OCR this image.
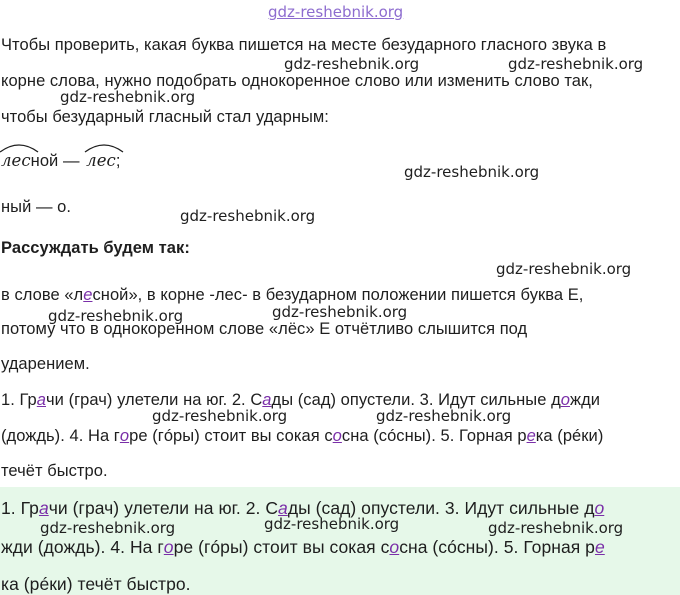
gdz-reshebnik.org
Чтобы проверить, какая буква пишется на месте безударного гласного звука в
корне слова, нужно подобрать однокоренное слово или изменить слово так,
чтобы безударный гласный стал ударным:
лесной — лес;
ный — о.
Рассуждать будем так:
в слове «лесной», в корне -лес- в безударном положении пишется буква Е,
потому что в однокоренном слове «лёс» Е отчётливо слышится под
ударением.
1. Грачи (грач) улетели на юг. 2. Сады (сад) опустели. 3. Идут сильные дожди
(дождь). 4. На горе (гóры) стоит вы сокая сосна (сóсны). 5. Горная река (рéки)
течёт быстро.
1. Грачи (грач) улетели на юг. 2. Сады (сад) опустели. 3. Идут сильные до
жди (дождь). 4. На горе (гóры) стоит вы сокая сосна (сóсны). 5. Горная ре
ка (рéки) течёт быстро.
gdz-reshebnik.org	gdz-reshebnik.org
gdz-reshebnik.org
gdz-reshebnik.org
gdz-reshebnik.org
gdz-reshebnik.org
gdz-reshebnik.org	gdz-reshebnik.org
gdz-reshebnik.org	gdz-reshebnik.org
gdz-reshebnik.org	gdz-reshebnik.org	gdz-reshebnik.org
